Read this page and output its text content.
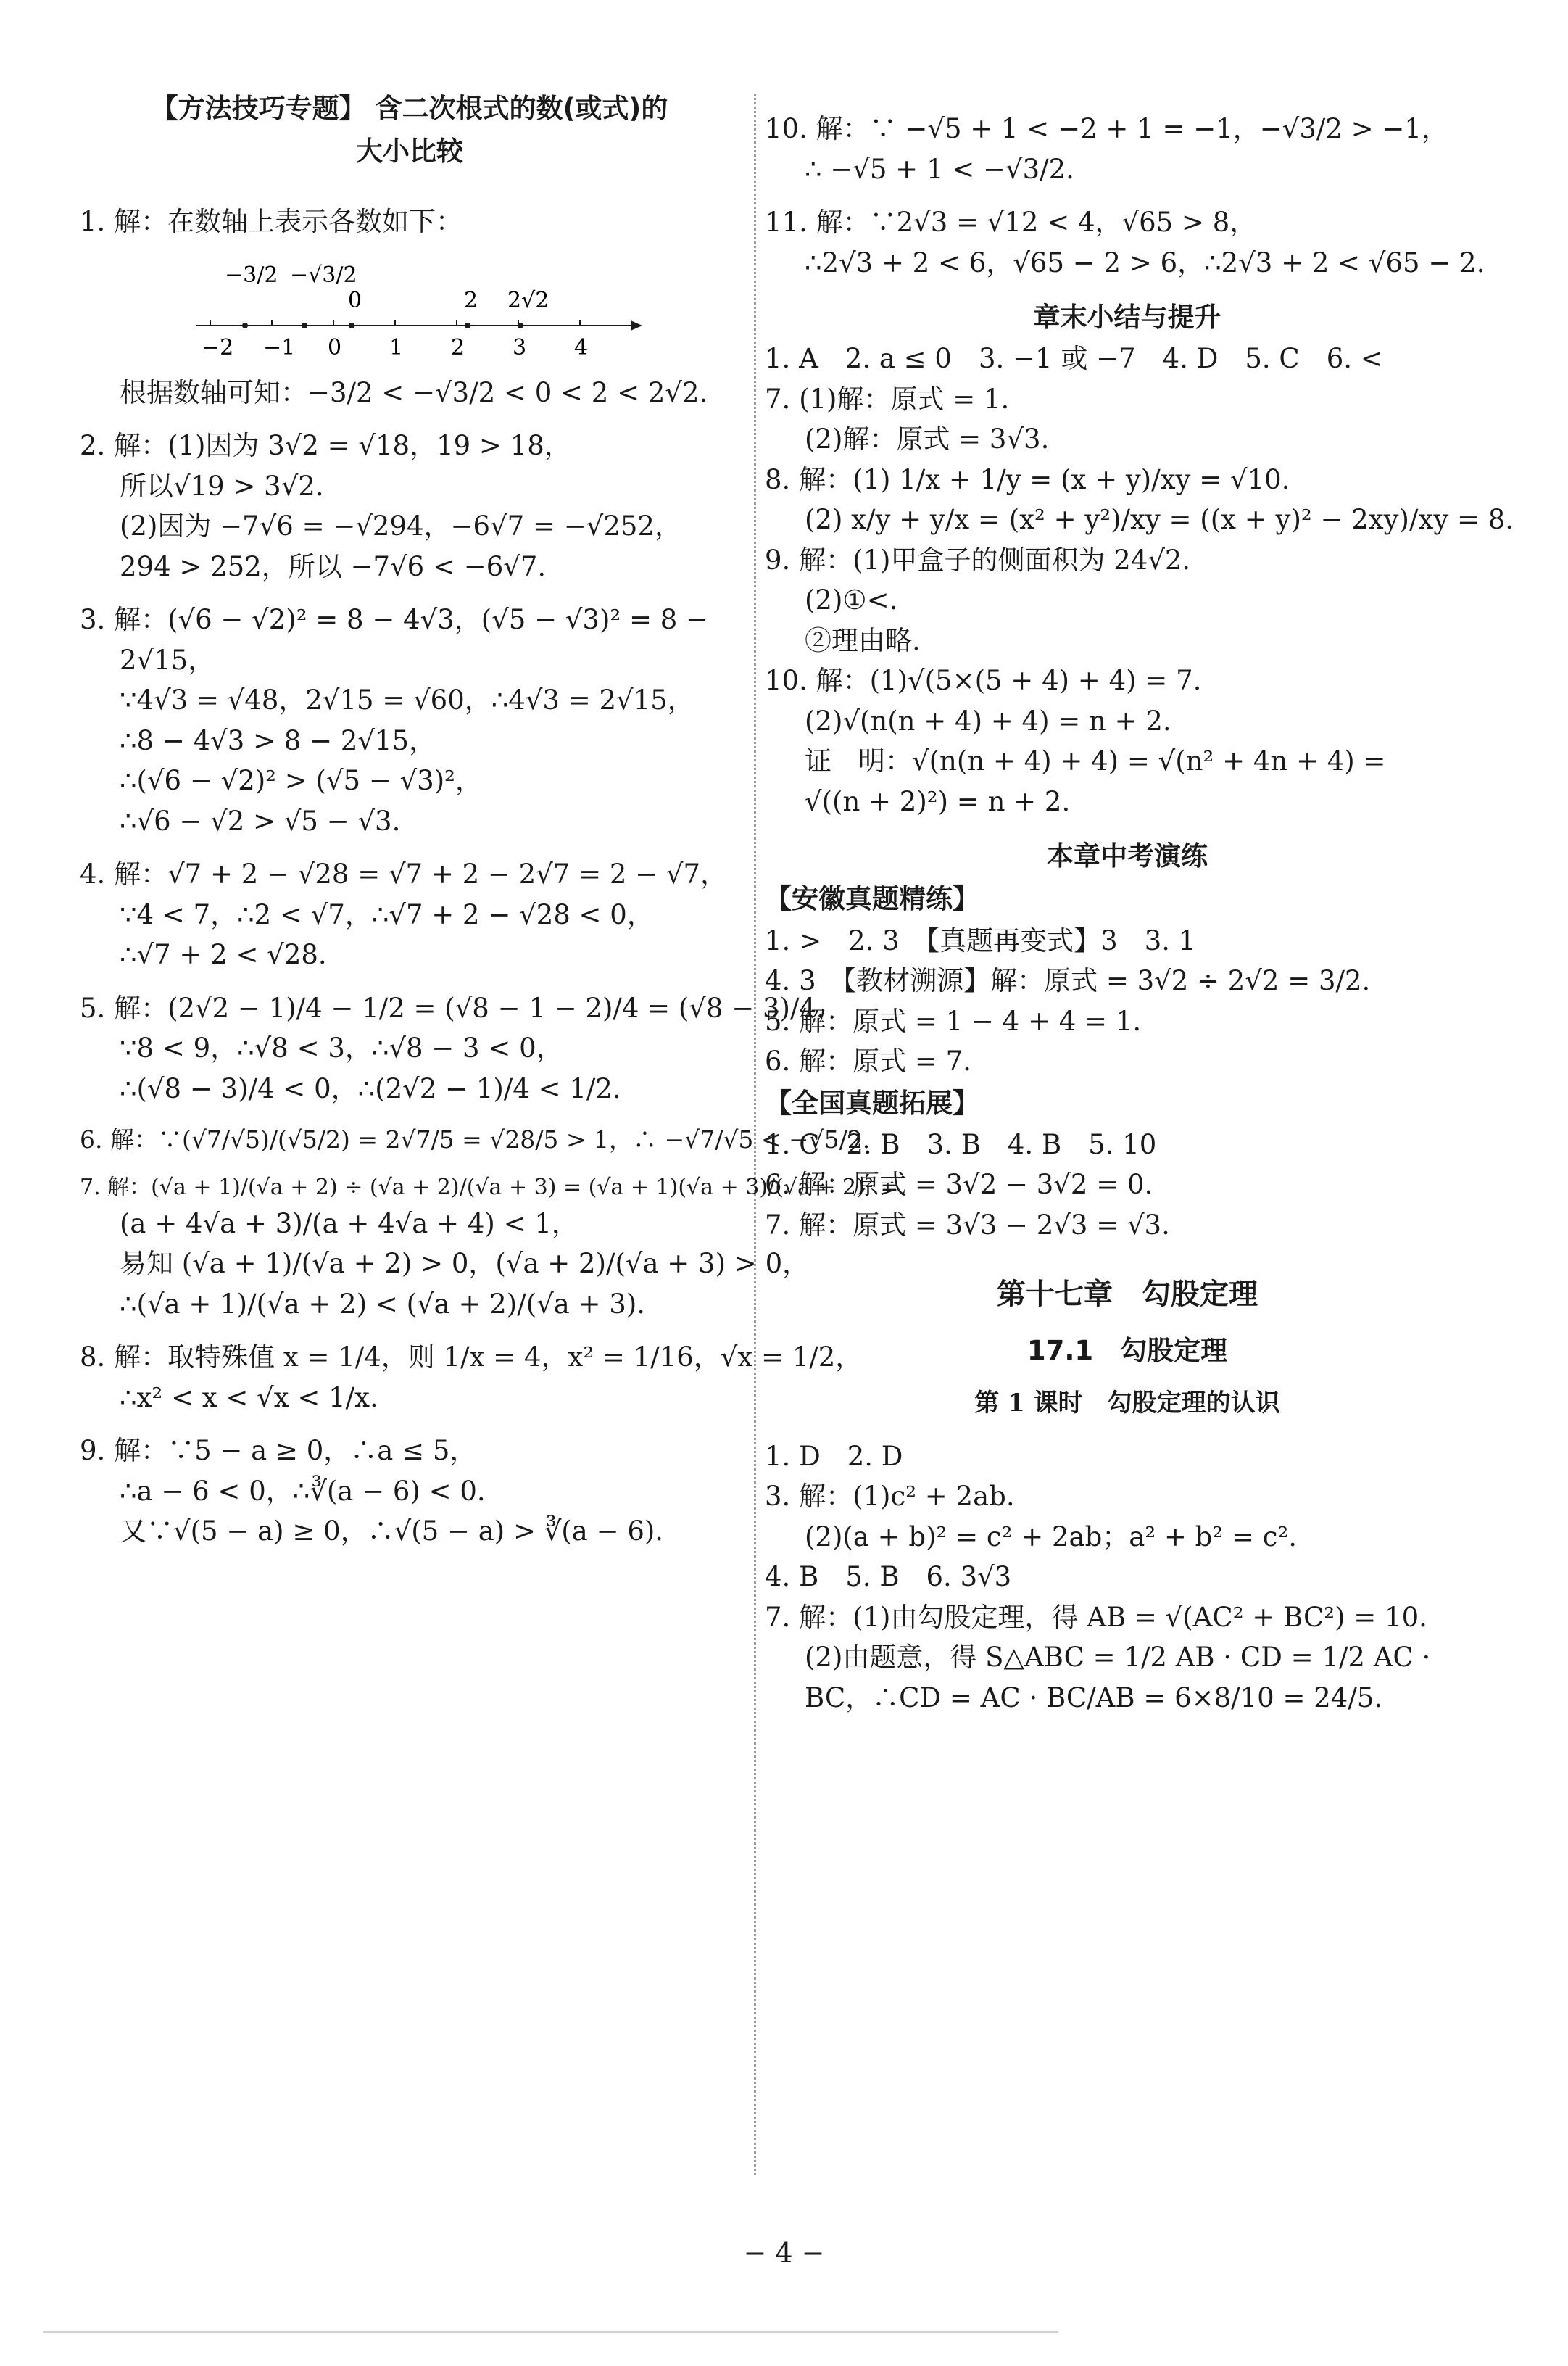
【方法技巧专题】 含二次根式的数(或式)的
大小比较
1. 解：在数轴上表示各数如下：
−3/2 −√3/2
0	2 2√2
−2 −1 0 1 2 3 4
根据数轴可知：−3/2 < −√3/2 < 0 < 2 < 2√2.
2. 解：(1)因为 3√2 = √18，19 > 18，
所以√19 > 3√2.
(2)因为 −7√6 = −√294，−6√7 = −√252，
294 > 252，所以 −7√6 < −6√7.
3. 解：(√6 − √2)² = 8 − 4√3，(√5 − √3)² = 8 −
2√15，
∵4√3 = √48，2√15 = √60，∴4√3 = 2√15，
∴8 − 4√3 > 8 − 2√15，
∴(√6 − √2)² > (√5 − √3)²，
∴√6 − √2 > √5 − √3.
4. 解：√7 + 2 − √28 = √7 + 2 − 2√7 = 2 − √7，
∵4 < 7，∴2 < √7，∴√7 + 2 − √28 < 0，
∴√7 + 2 < √28.
5. 解：(2√2 − 1)/4 − 1/2 = (√8 − 1 − 2)/4 = (√8 − 3)/4，
∵8 < 9，∴√8 < 3，∴√8 − 3 < 0，
∴(√8 − 3)/4 < 0，∴(2√2 − 1)/4 < 1/2.
6. 解：∵(√7/√5)/(√5/2) = 2√7/5 = √28/5 > 1，∴ −√7/√5 < −√5/2.
7. 解：(√a + 1)/(√a + 2) ÷ (√a + 2)/(√a + 3) = (√a + 1)(√a + 3)/(√a + 2)² =
(a + 4√a + 3)/(a + 4√a + 4) < 1，
易知 (√a + 1)/(√a + 2) > 0，(√a + 2)/(√a + 3) > 0，
∴(√a + 1)/(√a + 2) < (√a + 2)/(√a + 3).
8. 解：取特殊值 x = 1/4，则 1/x = 4，x² = 1/16，√x = 1/2，
∴x² < x < √x < 1/x.
9. 解：∵5 − a ≥ 0，∴a ≤ 5，
∴a − 6 < 0，∴∛(a − 6) < 0.
又∵√(5 − a) ≥ 0，∴√(5 − a) > ∛(a − 6).
10. 解：∵ −√5 + 1 < −2 + 1 = −1，−√3/2 > −1，
∴ −√5 + 1 < −√3/2.
11. 解：∵2√3 = √12 < 4，√65 > 8，
∴2√3 + 2 < 6，√65 − 2 > 6，∴2√3 + 2 < √65 − 2.
章末小结与提升
1. A　2. a ≤ 0　3. −1 或 −7　4. D　5. C　6. <
7. (1)解：原式 = 1.
(2)解：原式 = 3√3.
8. 解：(1) 1/x + 1/y = (x + y)/xy = √10.
(2) x/y + y/x = (x² + y²)/xy = ((x + y)² − 2xy)/xy = 8.
9. 解：(1)甲盒子的侧面积为 24√2.
(2)①<.
②理由略.
10. 解：(1)√(5×(5 + 4) + 4) = 7.
(2)√(n(n + 4) + 4) = n + 2.
证　明：√(n(n + 4) + 4) = √(n² + 4n + 4) =
√((n + 2)²) = n + 2.
本章中考演练
【安徽真题精练】
1. >　2. 3　【真题再变式】3　3. 1
4. 3　【教材溯源】解：原式 = 3√2 ÷ 2√2 = 3/2.
5. 解：原式 = 1 − 4 + 4 = 1.
6. 解：原式 = 7.
【全国真题拓展】
1. C　2. B　3. B　4. B　5. 10
6. 解：原式 = 3√2 − 3√2 = 0.
7. 解：原式 = 3√3 − 2√3 = √3.
第十七章　勾股定理
17.1　勾股定理
第 1 课时　勾股定理的认识
1. D　2. D
3. 解：(1)c² + 2ab.
(2)(a + b)² = c² + 2ab；a² + b² = c².
4. B　5. B　6. 3√3
7. 解：(1)由勾股定理，得 AB = √(AC² + BC²) = 10.
(2)由题意，得 S△ABC = 1/2 AB · CD = 1/2 AC ·
BC，∴CD = AC · BC/AB = 6×8/10 = 24/5.
− 4 −
